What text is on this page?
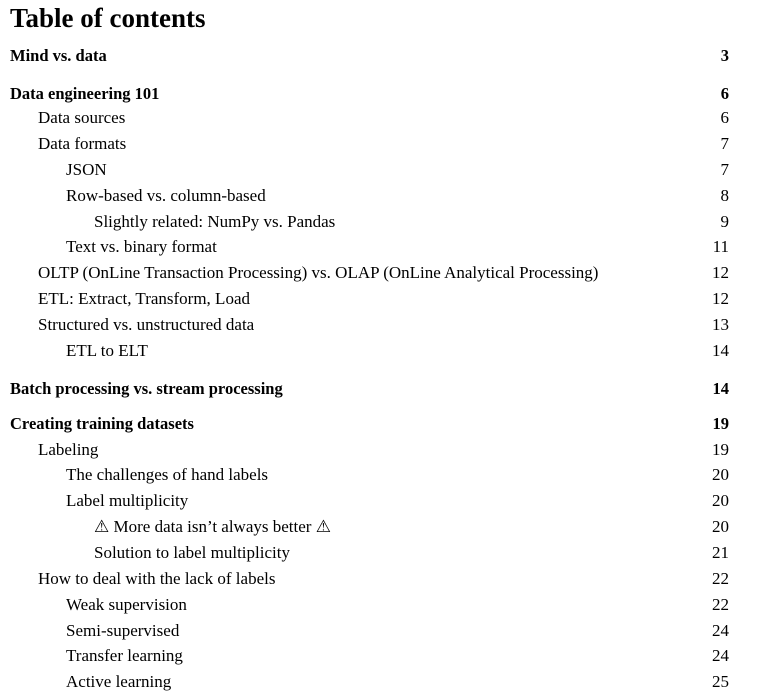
Table of contents
Mind vs. data	3
Data engineering 101	6
Data sources	6
Data formats	7
JSON	7
Row-based vs. column-based	8
Slightly related: NumPy vs. Pandas	9
Text vs. binary format	11
OLTP (OnLine Transaction Processing) vs. OLAP (OnLine Analytical Processing)	12
ETL: Extract, Transform, Load	12
Structured vs. unstructured data	13
ETL to ELT	14
Batch processing vs. stream processing	14
Creating training datasets	19
Labeling	19
The challenges of hand labels	20
Label multiplicity	20
⚠ More data isn’t always better ⚠	20
Solution to label multiplicity	21
How to deal with the lack of labels	22
Weak supervision	22
Semi-supervised	24
Transfer learning	24
Active learning	25
